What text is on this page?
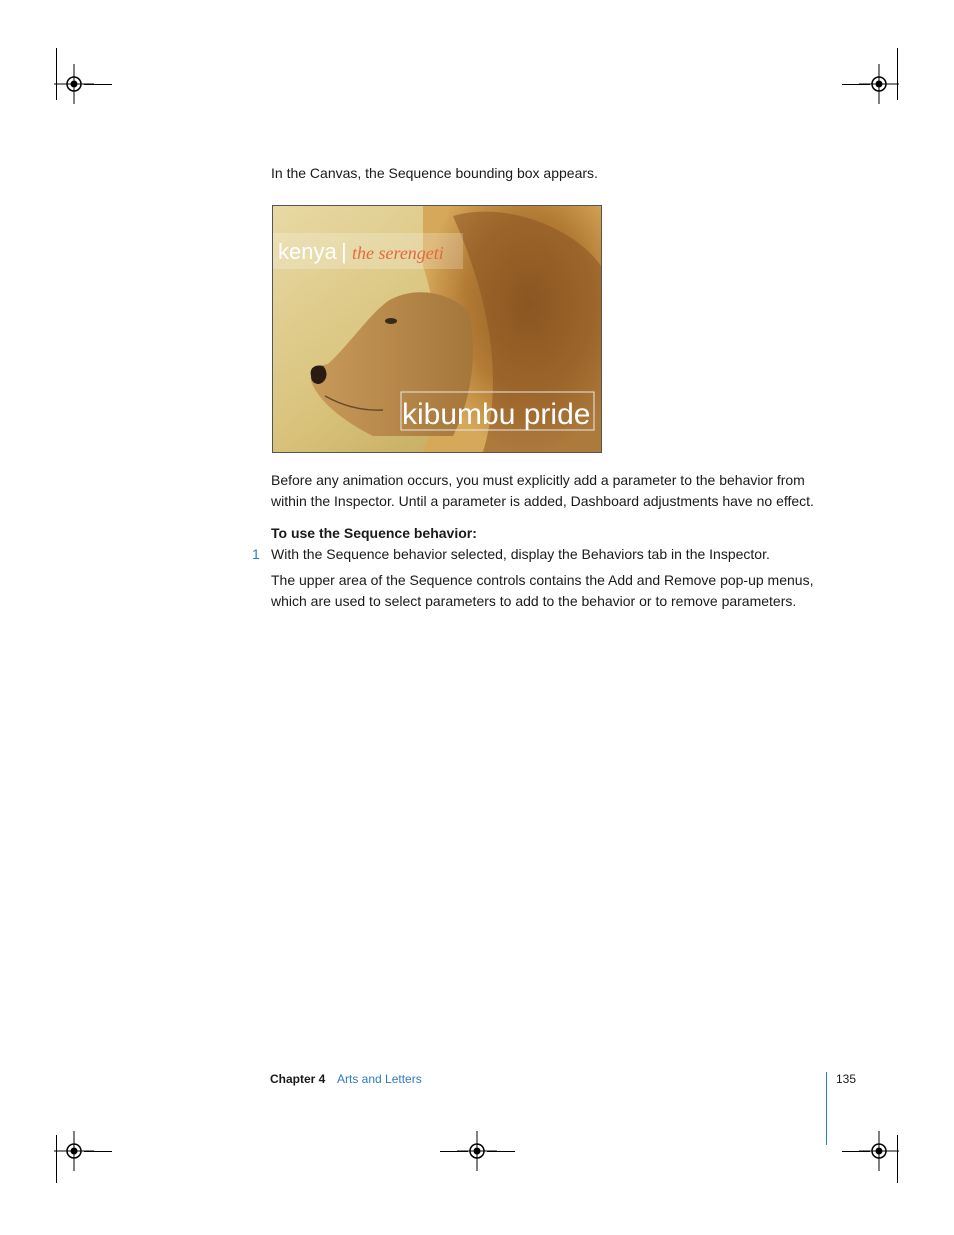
In the Canvas, the Sequence bounding box appears.
kenya | the serengeti
kibumbu pride
Before any animation occurs, you must explicitly add a parameter to the behavior from within the Inspector. Until a parameter is added, Dashboard adjustments have no effect.
To use the Sequence behavior:
1 With the Sequence behavior selected, display the Behaviors tab in the Inspector.
The upper area of the Sequence controls contains the Add and Remove pop-up menus, which are used to select parameters to add to the behavior or to remove parameters.
Chapter 4 Arts and Letters	135
